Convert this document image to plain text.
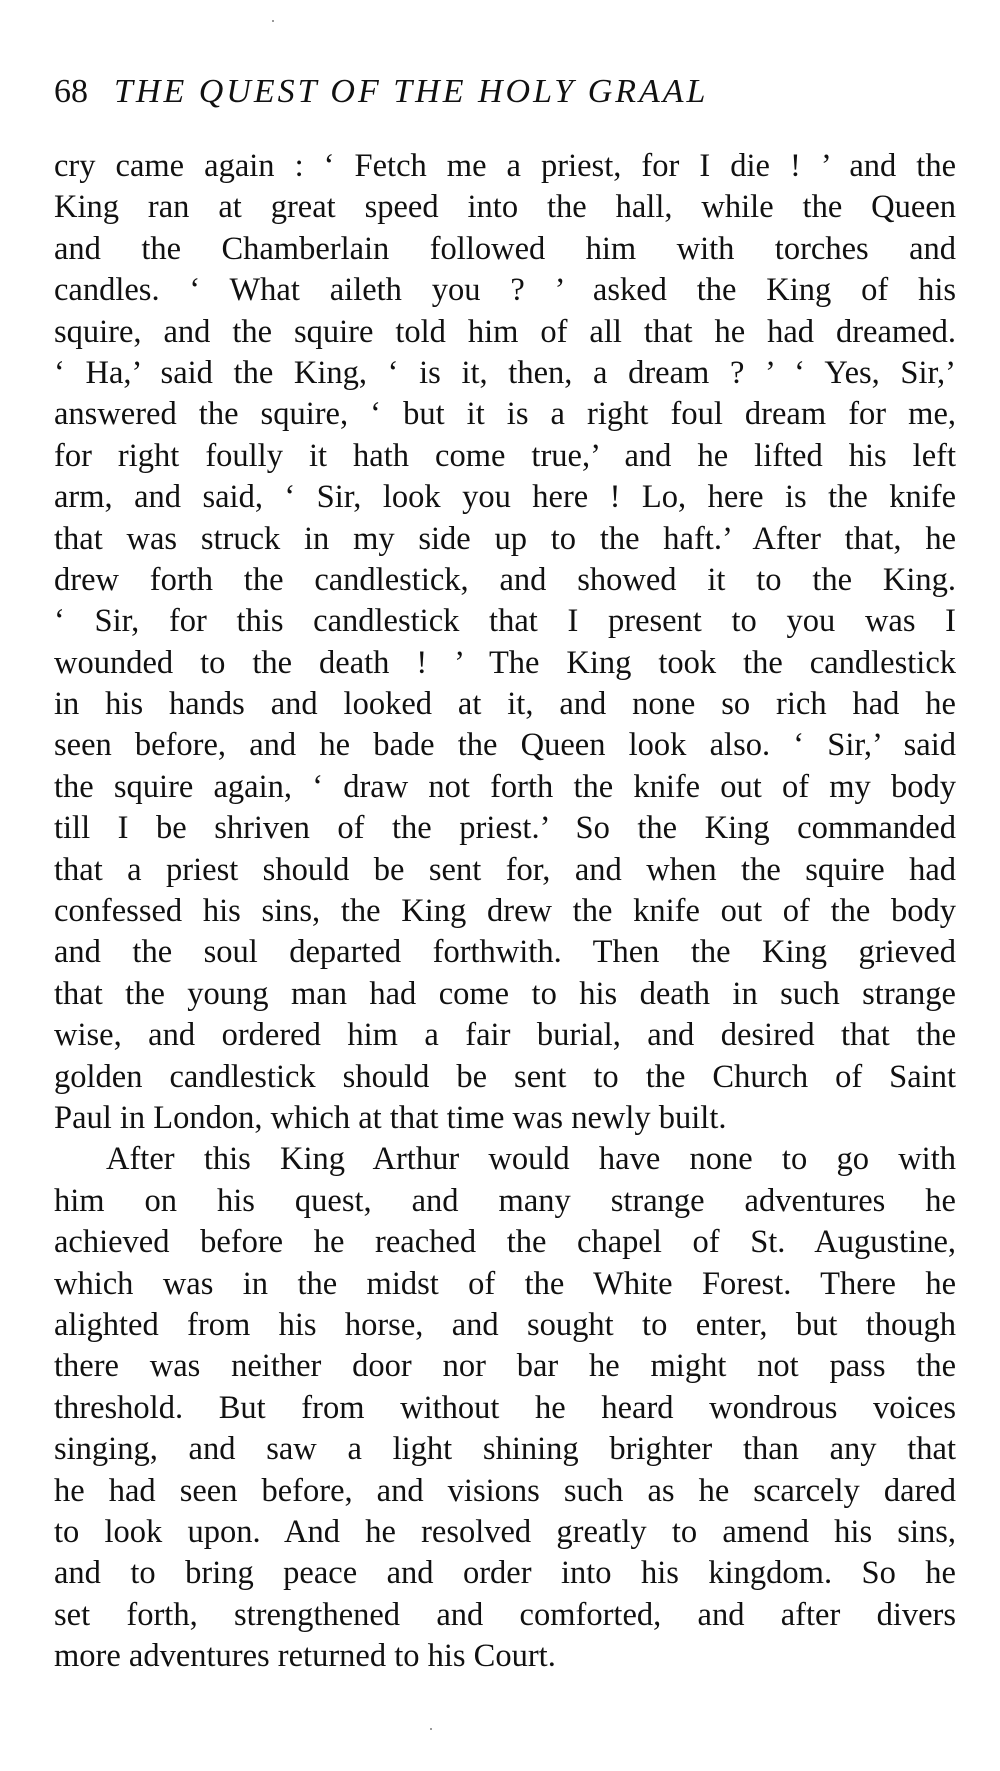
68 THE QUEST OF THE HOLY GRAAL
cry came again : ‘ Fetch me a priest, for I die ! ’ and the
King ran at great speed into the hall, while the Queen
and the Chamberlain followed him with torches and
candles. ‘ What aileth you ? ’ asked the King of his
squire, and the squire told him of all that he had dreamed.
‘ Ha,’ said the King, ‘ is it, then, a dream ? ’ ‘ Yes, Sir,’
answered the squire, ‘ but it is a right foul dream for me,
for right foully it hath come true,’ and he lifted his left
arm, and said, ‘ Sir, look you here ! Lo, here is the knife
that was struck in my side up to the haft.’ After that, he
drew forth the candlestick, and showed it to the King.
‘ Sir, for this candlestick that I present to you was I
wounded to the death ! ’ The King took the candlestick
in his hands and looked at it, and none so rich had he
seen before, and he bade the Queen look also. ‘ Sir,’ said
the squire again, ‘ draw not forth the knife out of my body
till I be shriven of the priest.’ So the King commanded
that a priest should be sent for, and when the squire had
confessed his sins, the King drew the knife out of the body
and the soul departed forthwith. Then the King grieved
that the young man had come to his death in such strange
wise, and ordered him a fair burial, and desired that the
golden candlestick should be sent to the Church of Saint
Paul in London, which at that time was newly built.
After this King Arthur would have none to go with
him on his quest, and many strange adventures he
achieved before he reached the chapel of St. Augustine,
which was in the midst of the White Forest. There he
alighted from his horse, and sought to enter, but though
there was neither door nor bar he might not pass the
threshold. But from without he heard wondrous voices
singing, and saw a light shining brighter than any that
he had seen before, and visions such as he scarcely dared
to look upon. And he resolved greatly to amend his sins,
and to bring peace and order into his kingdom. So he
set forth, strengthened and comforted, and after divers
more adventures returned to his Court.
